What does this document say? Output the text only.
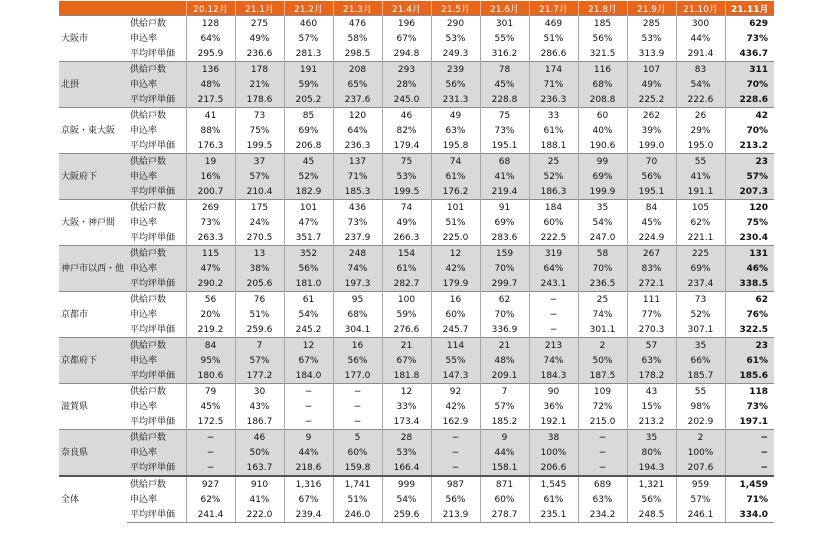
		20.12月	21.1月	21.2月	21.3月	21.4月	21.5月	21.6月	21.7月	21.8月	21.9月	21.10月	21.11月
大阪市	供給戸数	128	275	460	476	196	290	301	469	185	285	300	629
	申込率	64%	49%	57%	58%	67%	53%	55%	51%	56%	53%	44%	73%
	平均坪単価	295.9	236.6	281.3	298.5	294.8	249.3	316.2	286.6	321.5	313.9	291.4	436.7
北摂	供給戸数	136	178	191	208	293	239	78	174	116	107	83	311
	申込率	48%	21%	59%	65%	28%	56%	45%	71%	68%	49%	54%	70%
	平均坪単価	217.5	178.6	205.2	237.6	245.0	231.3	228.8	236.3	208.8	225.2	222.6	228.6
京阪・東大阪	供給戸数	41	73	85	120	46	49	75	33	60	262	26	42
	申込率	88%	75%	69%	64%	82%	63%	73%	61%	40%	39%	29%	70%
	平均坪単価	176.3	199.5	206.8	236.3	179.4	195.8	195.1	188.1	190.6	199.0	195.0	213.2
大阪府下	供給戸数	19	37	45	137	75	74	68	25	99	70	55	23
	申込率	16%	57%	52%	71%	53%	61%	41%	52%	69%	56%	41%	57%
	平均坪単価	200.7	210.4	182.9	185.3	199.5	176.2	219.4	186.3	199.9	195.1	191.1	207.3
大阪・神戸間	供給戸数	269	175	101	436	74	101	91	184	35	84	105	120
	申込率	73%	24%	47%	73%	49%	51%	69%	60%	54%	45%	62%	75%
	平均坪単価	263.3	270.5	351.7	237.9	266.3	225.0	283.6	222.5	247.0	224.9	221.1	230.4
神戸市以西・他	供給戸数	115	13	352	248	154	12	159	319	58	267	225	131
	申込率	47%	38%	56%	74%	61%	42%	70%	64%	70%	83%	69%	46%
	平均坪単価	290.2	205.6	181.0	197.3	282.7	179.9	299.7	243.1	236.5	272.1	237.4	338.5
京都市	供給戸数	56	76	61	95	100	16	62	−	25	111	73	62
	申込率	20%	51%	54%	68%	59%	60%	70%	−	74%	77%	52%	76%
	平均坪単価	219.2	259.6	245.2	304.1	276.6	245.7	336.9	−	301.1	270.3	307.1	322.5
京都府下	供給戸数	84	7	12	16	21	114	21	213	2	57	35	23
	申込率	95%	57%	67%	56%	67%	55%	48%	74%	50%	63%	66%	61%
	平均坪単価	180.6	177.2	184.0	177.0	181.8	147.3	209.1	184.3	187.5	178.2	185.7	185.6
滋賀県	供給戸数	79	30	−	−	12	92	7	90	109	43	55	118
	申込率	45%	43%	−	−	33%	42%	57%	36%	72%	15%	98%	73%
	平均坪単価	172.5	186.7	−	−	173.4	162.9	185.2	192.1	215.0	213.2	202.9	197.1
奈良県	供給戸数	−	46	9	5	28	−	9	38	−	35	2	−
	申込率	−	50%	44%	60%	53%	−	44%	100%	−	80%	100%	−
	平均坪単価	−	163.7	218.6	159.8	166.4	−	158.1	206.6	−	194.3	207.6	−
全体	供給戸数	927	910	1,316	1,741	999	987	871	1,545	689	1,321	959	1,459
	申込率	62%	41%	67%	51%	54%	56%	60%	61%	63%	56%	57%	71%
	平均坪単価	241.4	222.0	239.4	246.0	259.6	213.9	278.7	235.1	234.2	248.5	246.1	334.0
